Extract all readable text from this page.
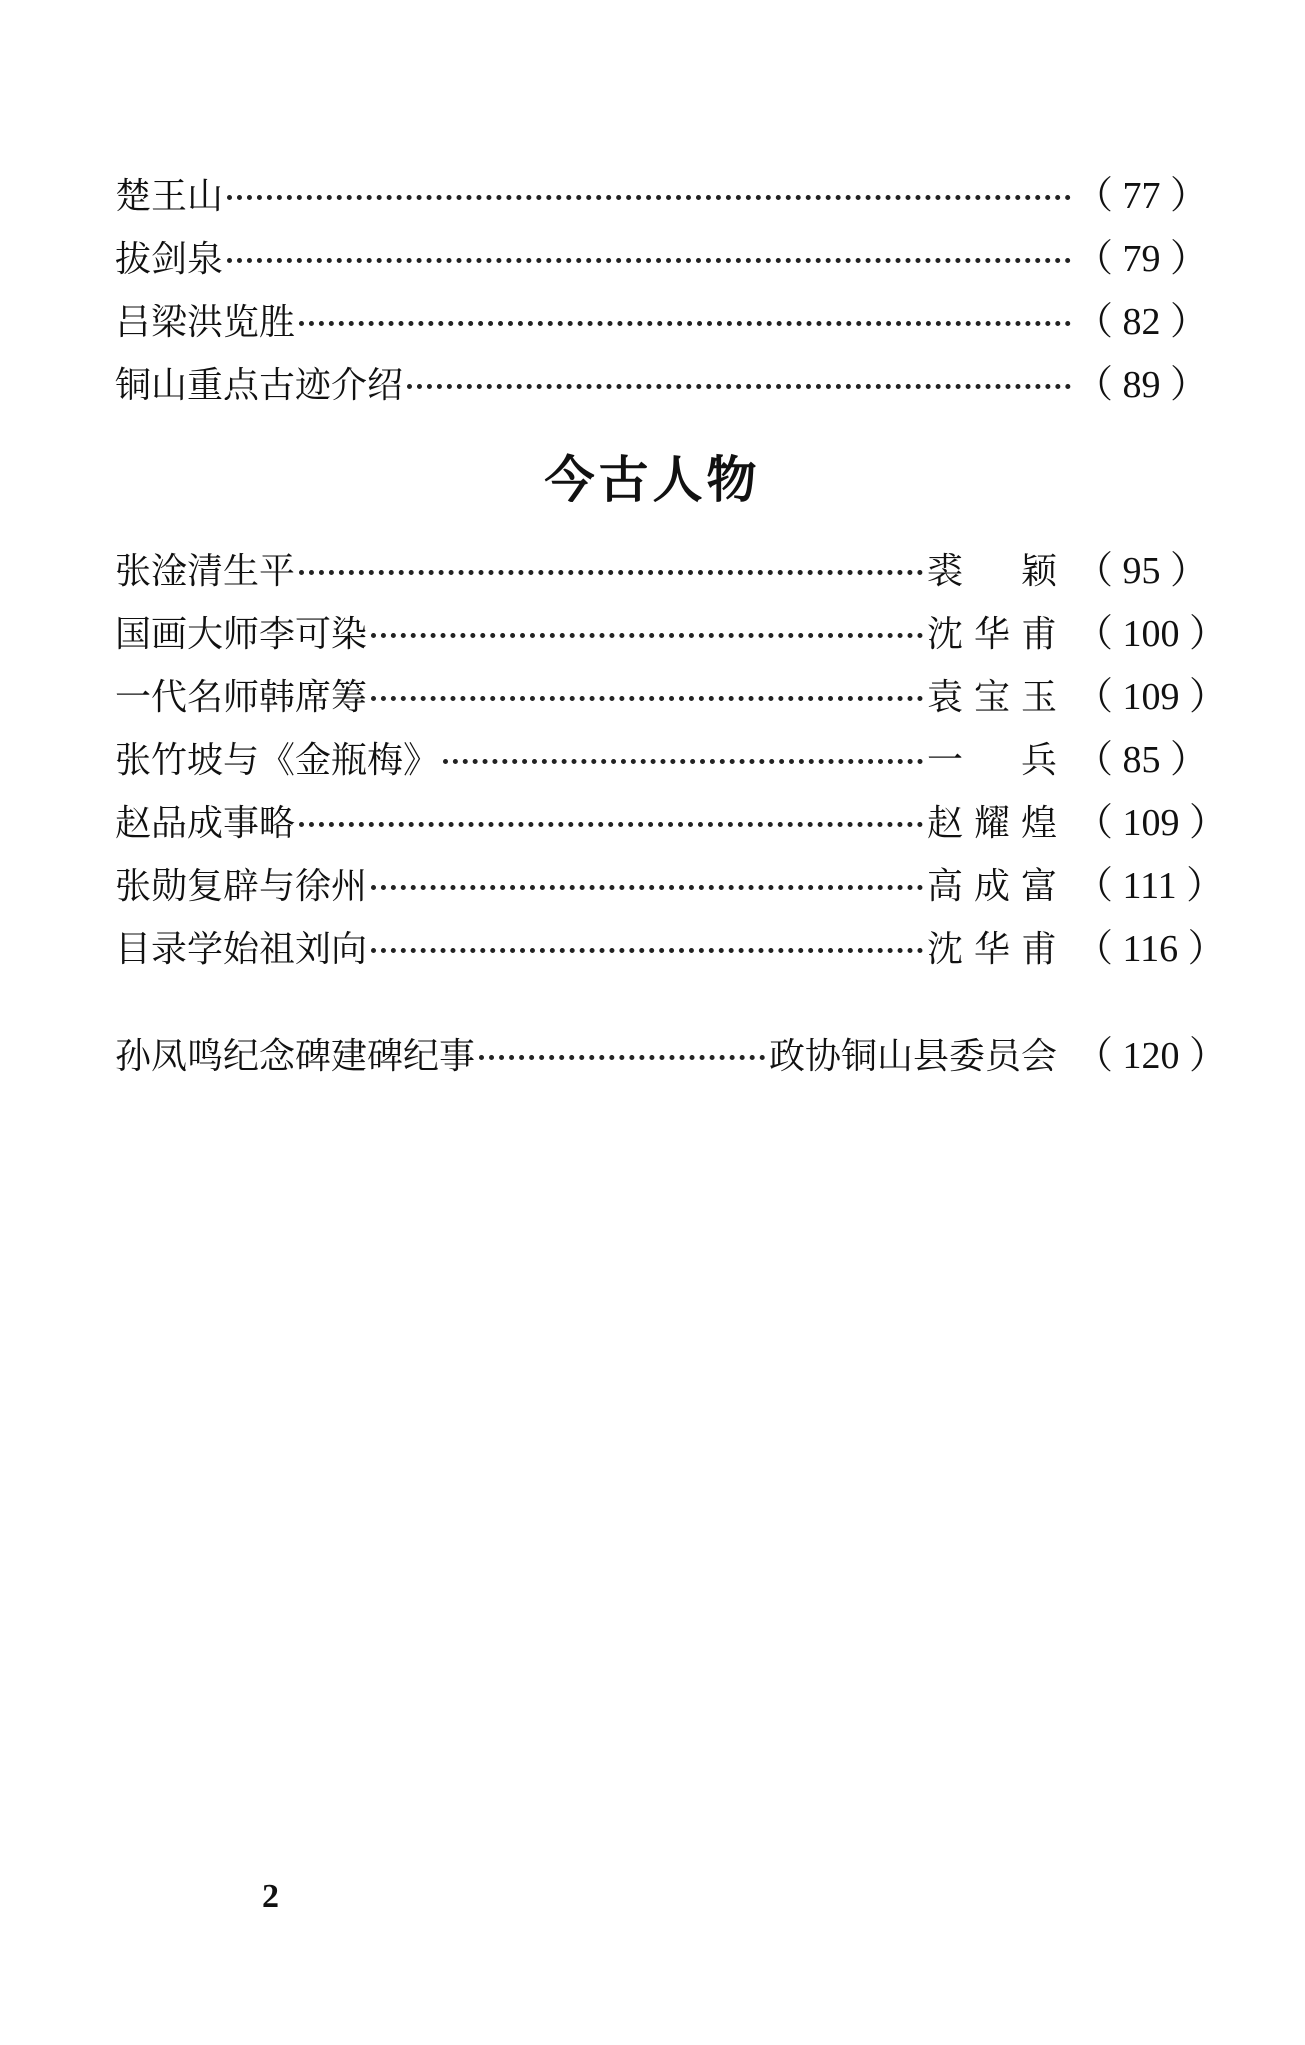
楚王山	（ 77 ）
拔剑泉	（ 79 ）
吕梁洪览胜	（ 82 ）
铜山重点古迹介绍	（ 89 ）
今古人物
张淦清生平	裘颖 （ 95 ）
国画大师李可染	沈华甫 （ 100 ）
一代名师韩席筹	袁宝玉 （ 109 ）
张竹坡与《金瓶梅》	一兵 （ 85 ）
赵品成事略	赵耀煌 （ 109 ）
张勋复辟与徐州	高成富 （ 111 ）
目录学始祖刘向	沈华甫 （ 116 ）
孙凤鸣纪念碑建碑纪事	政协铜山县委员会 （ 120 ）
2
